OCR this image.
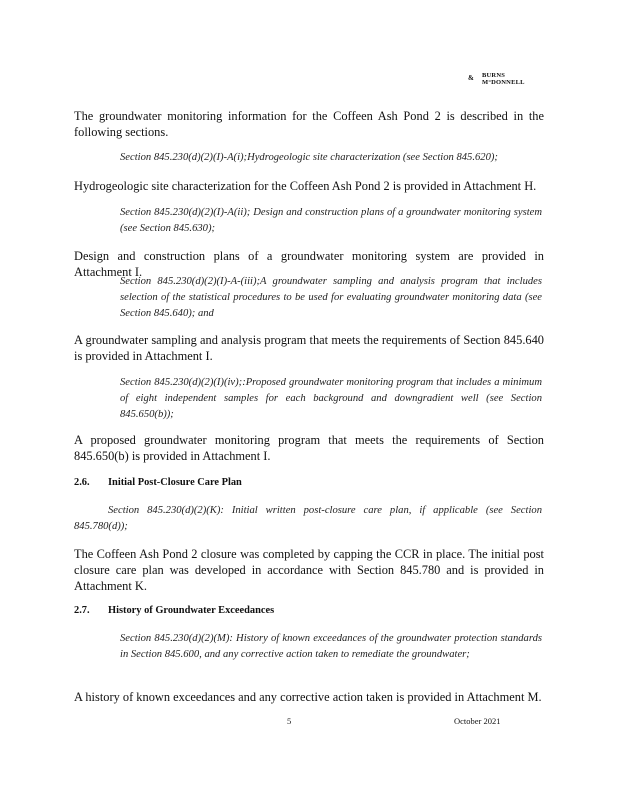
&	BURNS
M°DONNELL
The groundwater monitoring information for the Coffeen Ash Pond 2 is described in the following sections.
Section 845.230(d)(2)(I)-A(i);Hydrogeologic site characterization (see Section 845.620);
Hydrogeologic site characterization for the Coffeen Ash Pond 2 is provided in Attachment H.
Section 845.230(d)(2)(I)-A(ii); Design and construction plans of a groundwater monitoring system (see Section 845.630);
Design and construction plans of a groundwater monitoring system are provided in Attachment I.
Section 845.230(d)(2)(I)-A-(iii);A groundwater sampling and analysis program that includes selection of the statistical procedures to be used for evaluating groundwater monitoring data (see Section 845.640); and
A groundwater sampling and analysis program that meets the requirements of Section 845.640 is provided in Attachment I.
Section 845.230(d)(2)(I)(iv);:Proposed groundwater monitoring program that includes a minimum of eight independent samples for each background and downgradient well (see Section 845.650(b));
A proposed groundwater monitoring program that meets the requirements of Section 845.650(b) is provided in Attachment I.
2.6. Initial Post-Closure Care Plan
Section 845.230(d)(2)(K): Initial written post-closure care plan, if applicable (see Section 845.780(d));
The Coffeen Ash Pond 2 closure was completed by capping the CCR in place. The initial post closure care plan was developed in accordance with Section 845.780 and is provided in Attachment K.
2.7. History of Groundwater Exceedances
Section 845.230(d)(2)(M): History of known exceedances of the groundwater protection standards in Section 845.600, and any corrective action taken to remediate the groundwater;
A history of known exceedances and any corrective action taken is provided in Attachment M.
5	October 2021
